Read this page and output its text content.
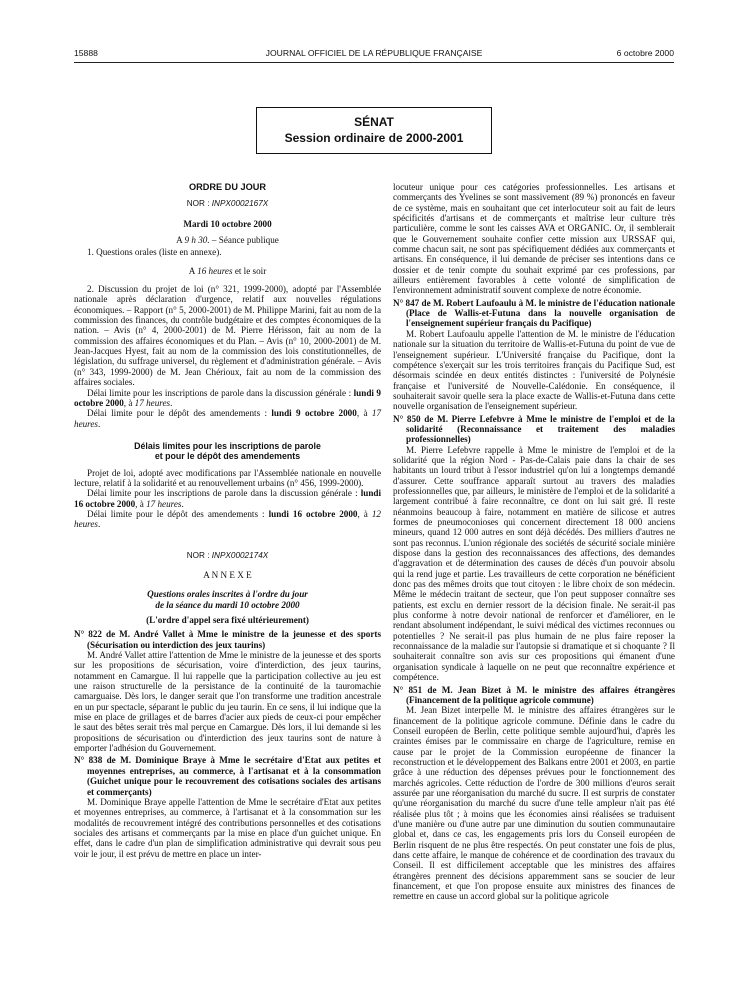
15888	JOURNAL OFFICIEL DE LA RÉPUBLIQUE FRANÇAISE	6 octobre 2000
SÉNAT
Session ordinaire de 2000-2001

ORDRE DU JOUR

NOR : INPX0002167X

Mardi 10 octobre 2000

A 9 h 30. – Séance publique

1. Questions orales (liste en annexe).

A 16 heures et le soir

2. Discussion du projet de loi (n° 321, 1999-2000), adopté par l'Assemblée nationale après déclaration d'urgence, relatif aux nouvelles régulations économiques. – Rapport (n° 5, 2000-2001) de M. Philippe Marini, fait au nom de la commission des finances, du contrôle budgétaire et des comptes économiques de la nation. – Avis (n° 4, 2000-2001) de M. Pierre Hérisson, fait au nom de la commission des affaires économiques et du Plan. – Avis (n° 10, 2000-2001) de M. Jean-Jacques Hyest, fait au nom de la commission des lois constitutionnelles, de législation, du suffrage universel, du règlement et d'administration générale. – Avis (n° 343, 1999-2000) de M. Jean Chérioux, fait au nom de la commission des affaires sociales.

Délai limite pour les inscriptions de parole dans la discussion générale : lundi 9 octobre 2000, à 17 heures.

Délai limite pour le dépôt des amendements : lundi 9 octobre 2000, à 17 heures.

Délais limites pour les inscriptions de parole

et pour le dépôt des amendements

Projet de loi, adopté avec modifications par l'Assemblée nationale en nouvelle lecture, relatif à la solidarité et au renouvellement urbains (n° 456, 1999-2000).

Délai limite pour les inscriptions de parole dans la discussion générale : lundi 16 octobre 2000, à 17 heures.

Délai limite pour le dépôt des amendements : lundi 16 octobre 2000, à 12 heures.

NOR : INPX0002174X

A N N E X E

Questions orales inscrites à l'ordre du jour

de la séance du mardi 10 octobre 2000

(L'ordre d'appel sera fixé ultérieurement)

N° 822 de M. André Vallet à Mme le ministre de la jeunesse et des sports (Sécurisation ou interdiction des jeux taurins)

M. André Vallet attire l'attention de Mme le ministre de la jeunesse et des sports sur les propositions de sécurisation, voire d'interdiction, des jeux taurins, notamment en Camargue. Il lui rappelle que la participation collective au jeu est une raison structurelle de la persistance de la continuité de la tauromachie camarguaise. Dès lors, le danger serait que l'on transforme une tradition ancestrale en un pur spectacle, séparant le public du jeu taurin. En ce sens, il lui indique que la mise en place de grillages et de barres d'acier aux pieds de ceux-ci pour empêcher le saut des bêtes serait très mal perçue en Camargue. Dès lors, il lui demande si les propositions de sécurisation ou d'interdiction des jeux taurins sont de nature à emporter l'adhésion du Gouvernement.

N° 838 de M. Dominique Braye à Mme le secrétaire d'Etat aux petites et moyennes entreprises, au commerce, à l'artisanat et à la consommation (Guichet unique pour le recouvrement des cotisations sociales des artisans et commerçants)

M. Dominique Braye appelle l'attention de Mme le secrétaire d'Etat aux petites et moyennes entreprises, au commerce, à l'artisanat et à la consommation sur les modalités de recouvrement intégré des contributions personnelles et des cotisations sociales des artisans et commerçants par la mise en place d'un guichet unique. En effet, dans le cadre d'un plan de simplification administrative qui devrait sous peu voir le jour, il est prévu de mettre en place un inter-

locuteur unique pour ces catégories professionnelles. Les artisans et commerçants des Yvelines se sont massivement (89 %) prononcés en faveur de ce système, mais en souhaitant que cet interlocuteur soit au fait de leurs spécificités d'artisans et de commerçants et maîtrise leur culture très particulière, comme le sont les caisses AVA et ORGANIC. Or, il semblerait que le Gouvernement souhaite confier cette mission aux URSSAF qui, comme chacun sait, ne sont pas spécifiquement dédiées aux commerçants et artisans. En conséquence, il lui demande de préciser ses intentions dans ce dossier et de tenir compte du souhait exprimé par ces professions, par ailleurs entièrement favorables à cette volonté de simplification de l'environnement administratif souvent complexe de notre économie.

N° 847 de M. Robert Laufoaulu à M. le ministre de l'éducation nationale (Place de Wallis-et-Futuna dans la nouvelle organisation de l'enseignement supérieur français du Pacifique)

M. Robert Laufoaulu appelle l'attention de M. le ministre de l'éducation nationale sur la situation du territoire de Wallis-et-Futuna du point de vue de l'enseignement supérieur. L'Université française du Pacifique, dont la compétence s'exerçait sur les trois territoires français du Pacifique Sud, est désormais scindée en deux entités distinctes : l'université de Polynésie française et l'université de Nouvelle-Calédonie. En conséquence, il souhaiterait savoir quelle sera la place exacte de Wallis-et-Futuna dans cette nouvelle organisation de l'enseignement supérieur.

N° 850 de M. Pierre Lefebvre à Mme le ministre de l'emploi et de la solidarité (Reconnaissance et traitement des maladies professionnelles)

M. Pierre Lefebvre rappelle à Mme le ministre de l'emploi et de la solidarité que la région Nord - Pas-de-Calais paie dans la chair de ses habitants un lourd tribut à l'essor industriel qu'on lui a longtemps demandé d'assurer. Cette souffrance apparaît surtout au travers des maladies professionnelles que, par ailleurs, le ministère de l'emploi et de la solidarité a largement contribué à faire reconnaître, ce dont on lui sait gré. Il reste néanmoins beaucoup à faire, notamment en matière de silicose et autres formes de pneumoconioses qui concernent directement 18 000 anciens mineurs, quand 12 000 autres en sont déjà décédés. Des milliers d'autres ne sont pas reconnus. L'union régionale des sociétés de sécurité sociale minière dispose dans la gestion des reconnaissances des affections, des demandes d'aggravation et de détermination des causes de décès d'un pouvoir absolu qui la rend juge et partie. Les travailleurs de cette corporation ne bénéficient donc pas des mêmes droits que tout citoyen : le libre choix de son médecin. Même le médecin traitant de secteur, que l'on peut supposer connaître ses patients, est exclu en dernier ressort de la décision finale. Ne serait-il pas plus conforme à notre devoir national de renforcer et d'améliorer, en le rendant absolument indépendant, le suivi médical des victimes reconnues ou potentielles ? Ne serait-il pas plus humain de ne plus faire reposer la reconnaissance de la maladie sur l'autopsie si dramatique et si choquante ? Il souhaiterait connaître son avis sur ces propositions qui émanent d'une organisation syndicale à laquelle on ne peut que reconnaître expérience et compétence.

N° 851 de M. Jean Bizet à M. le ministre des affaires étrangères (Financement de la politique agricole commune)

M. Jean Bizet interpelle M. le ministre des affaires étrangères sur le financement de la politique agricole commune. Définie dans le cadre du Conseil européen de Berlin, cette politique semble aujourd'hui, d'après les craintes émises par le commissaire en charge de l'agriculture, remise en cause par le projet de la Commission européenne de financer la reconstruction et le développement des Balkans entre 2001 et 2003, en partie grâce à une réduction des dépenses prévues pour le fonctionnement des marchés agricoles. Cette réduction de l'ordre de 300 millions d'euros serait assurée par une réorganisation du marché du sucre. Il est surpris de constater qu'une réorganisation du marché du sucre d'une telle ampleur n'ait pas été réalisée plus tôt ; à moins que les économies ainsi réalisées se traduisent d'une manière ou d'une autre par une diminution du soutien communautaire global et, dans ce cas, les engagements pris lors du Conseil européen de Berlin risquent de ne plus être respectés. On peut constater une fois de plus, dans cette affaire, le manque de cohérence et de coordination des travaux du Conseil. Il est difficilement acceptable que les ministres des affaires étrangères prennent des décisions apparemment sans se soucier de leur financement, et que l'on propose ensuite aux ministres des finances de remettre en cause un accord global sur la politique agricole
